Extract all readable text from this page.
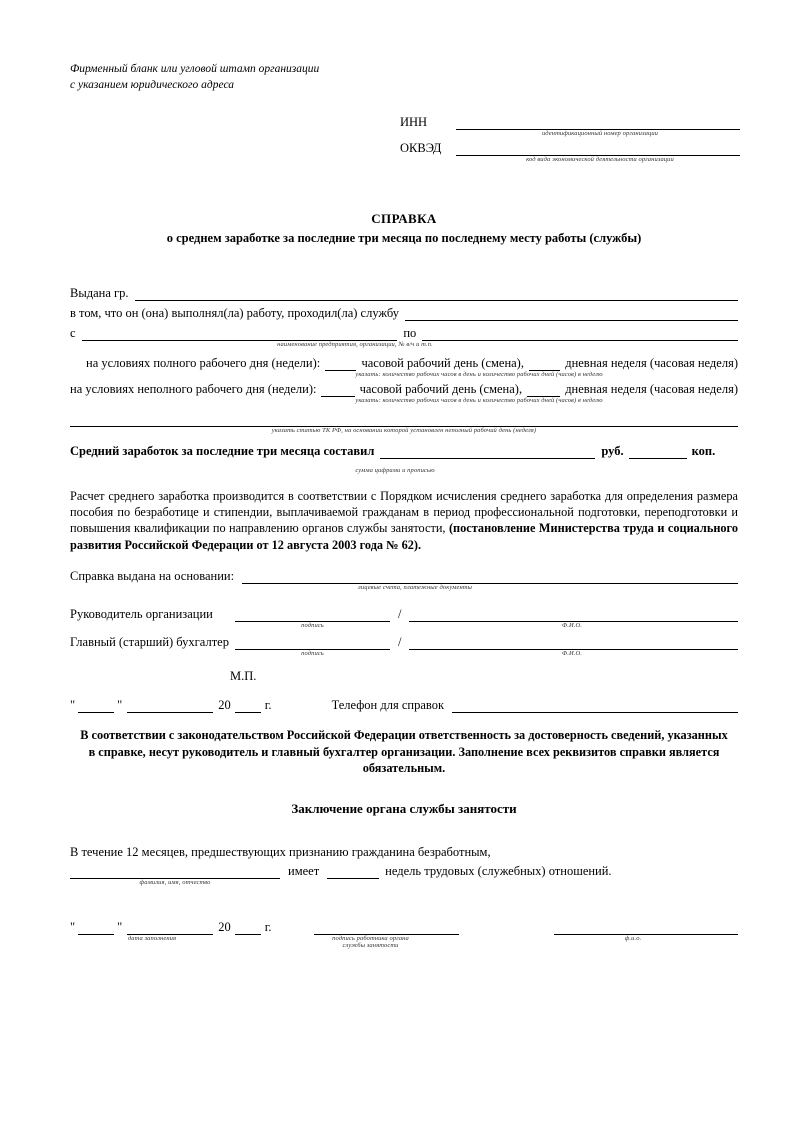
Фирменный бланк или угловой штамп организации
с указанием юридического адреса
ИНН
идентификационный номер организации
ОКВЭД
код вида экономической деятельности организации
СПРАВКА
о среднем заработке за последние три месяца по последнему месту работы (службы)
Выдана гр.
в том, что он (она) выполнял(ла) работу, проходил(ла) службу
с	по
наименование предприятия, организации, № в/ч и т.п.
на условиях полного рабочего дня (недели):	часовой рабочий день (смена),	дневная неделя (часовая неделя)
указать: количество рабочих часов в день и количество рабочих дней (часов) в неделю
на условиях неполного рабочего дня (недели):	часовой рабочий день (смена),	дневная неделя (часовая неделя)
указать: количество рабочих часов в день и количество рабочих дней (часов) в неделю
указать статью ТК РФ, на основании которой установлен неполный рабочий день (неделя)
Средний заработок за последние три месяца составил	руб.	коп.
сумма цифрами и прописью
Расчет среднего заработка производится в соответствии с Порядком исчисления среднего заработка для определения размера пособия по безработице и стипендии, выплачиваемой гражданам в период профессиональной подготовки, переподготовки и повышения квалификации по направлению органов службы занятости, (постановление Министерства труда и социального развития Российской Федерации от 12 августа 2003 года № 62).
Справка выдана на основании:
лицевые счета, платежные документы
Руководитель организации	/
подпись	Ф.И.О.
Главный (старший) бухгалтер	/
подпись	Ф.И.О.
М.П.
"	"	20	г.	Телефон для справок
В соответствии с законодательством Российской Федерации ответственность за достоверность сведений, указанных в справке, несут руководитель и главный бухгалтер организации. Заполнение всех реквизитов справки является обязательным.
Заключение органа службы занятости
В течение 12 месяцев, предшествующих признанию гражданина безработным,
имеет	недель трудовых (служебных) отношений.
фамилия, имя, отчество
"	"	20	г.
дата заполнения	подпись работника органа
службы занятости
ф.и.о.
